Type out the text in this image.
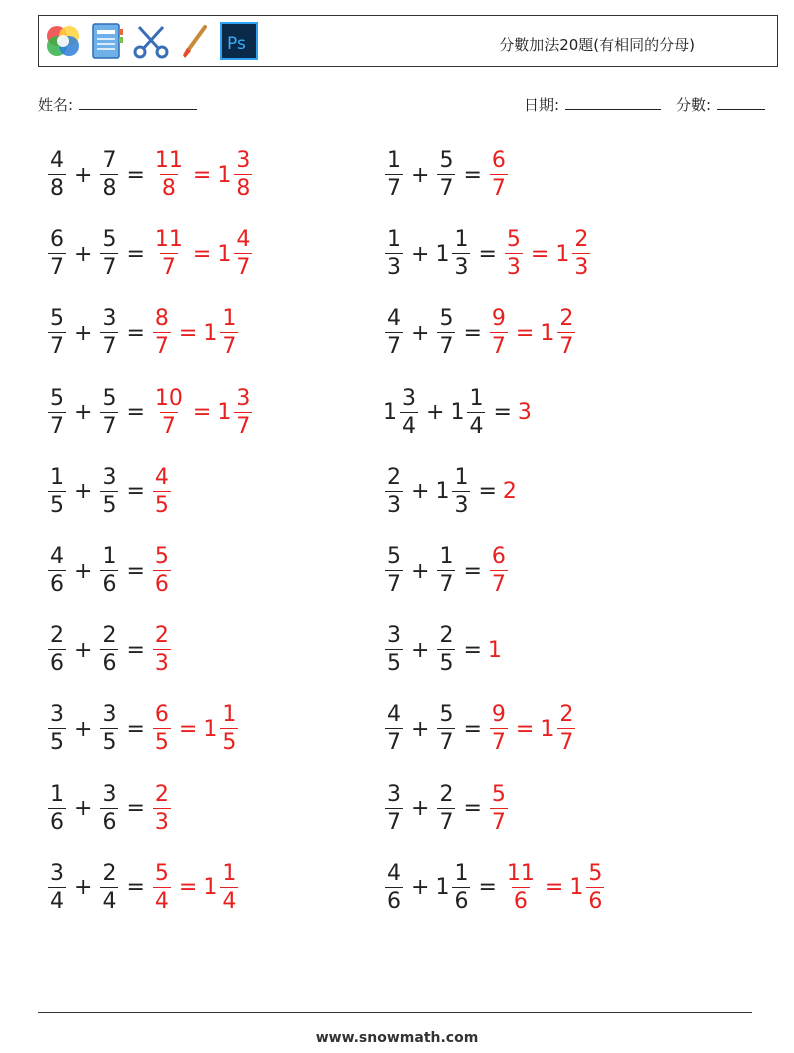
Ps	分數加法20題(有相同的分母)
姓名:	日期:	分數:
$\frac{4}{8} + \frac{7}{8} = \frac{11}{8} = 1 \frac{3}{8}$
$\frac{6}{7} + \frac{5}{7} = \frac{11}{7} = 1 \frac{4}{7}$
$\frac{5}{7} + \frac{3}{7} = \frac{8}{7} = 1 \frac{1}{7}$
$\frac{5}{7} + \frac{5}{7} = \frac{10}{7} = 1 \frac{3}{7}$
$\frac{1}{5} + \frac{3}{5} = \frac{4}{5}$
$\frac{4}{6} + \frac{1}{6} = \frac{5}{6}$
$\frac{2}{6} + \frac{2}{6} = \frac{2}{3}$
$\frac{3}{5} + \frac{3}{5} = \frac{6}{5} = 1 \frac{1}{5}$
$\frac{1}{6} + \frac{3}{6} = \frac{2}{3}$
$\frac{3}{4} + \frac{2}{4} = \frac{5}{4} = 1 \frac{1}{4}$
$\frac{1}{7} + \frac{5}{7} = \frac{6}{7}$
$\frac{1}{3} + 1 \frac{1}{3} = \frac{5}{3} = 1 \frac{2}{3}$
$\frac{4}{7} + \frac{5}{7} = \frac{9}{7} = 1 \frac{2}{7}$
$1 \frac{3}{4} + 1 \frac{1}{4} = 3$
$\frac{2}{3} + 1 \frac{1}{3} = 2$
$\frac{5}{7} + \frac{1}{7} = \frac{6}{7}$
$\frac{3}{5} + \frac{2}{5} = 1$
$\frac{4}{7} + \frac{5}{7} = \frac{9}{7} = 1 \frac{2}{7}$
$\frac{3}{7} + \frac{2}{7} = \frac{5}{7}$
$\frac{4}{6} + 1 \frac{1}{6} = \frac{11}{6} = 1 \frac{5}{6}$
www.snowmath.com
